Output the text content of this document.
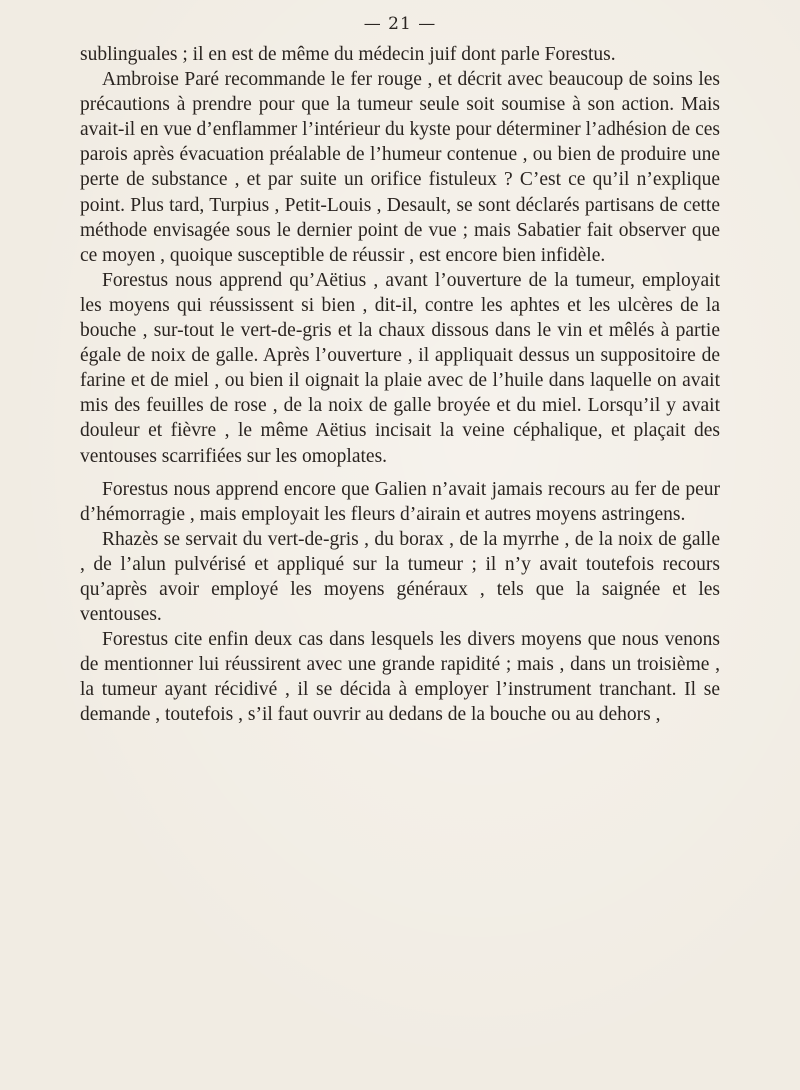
— 21 —

sublinguales ; il en est de même du médecin juif dont parle Forestus.

Ambroise Paré recommande le fer rouge , et décrit avec beaucoup de soins les précautions à prendre pour que la tumeur seule soit soumise à son action. Mais avait-il en vue d’enflammer l’intérieur du kyste pour déterminer l’adhésion de ces parois après évacuation préalable de l’humeur contenue , ou bien de produire une perte de substance , et par suite un orifice fistuleux ? C’est ce qu’il n’explique point. Plus tard, Turpius , Petit-Louis , Desault, se sont déclarés partisans de cette méthode envisagée sous le dernier point de vue ; mais Sabatier fait observer que ce moyen , quoique susceptible de réussir , est encore bien infidèle.

Forestus nous apprend qu’Aëtius , avant l’ouverture de la tumeur, employait les moyens qui réussissent si bien , dit-il, contre les aphtes et les ulcères de la bouche , sur-tout le vert-de-gris et la chaux dissous dans le vin et mêlés à partie égale de noix de galle. Après l’ouverture , il appliquait dessus un suppositoire de farine et de miel , ou bien il oignait la plaie avec de l’huile dans laquelle on avait mis des feuilles de rose , de la noix de galle broyée et du miel. Lorsqu’il y avait douleur et fièvre , le même Aëtius incisait la veine céphalique, et plaçait des ventouses scarrifiées sur les omoplates.

Forestus nous apprend encore que Galien n’avait jamais recours au fer de peur d’hémorragie , mais employait les fleurs d’airain et autres moyens astringens.

Rhazès se servait du vert-de-gris , du borax , de la myrrhe , de la noix de galle , de l’alun pulvérisé et appliqué sur la tumeur ; il n’y avait toutefois recours qu’après avoir employé les moyens généraux , tels que la saignée et les ventouses.

Forestus cite enfin deux cas dans lesquels les divers moyens que nous venons de mentionner lui réussirent avec une grande rapidité ; mais , dans un troisième , la tumeur ayant récidivé , il se décida à employer l’instrument tranchant. Il se demande , toutefois , s’il faut ouvrir au dedans de la bouche ou au dehors ,
